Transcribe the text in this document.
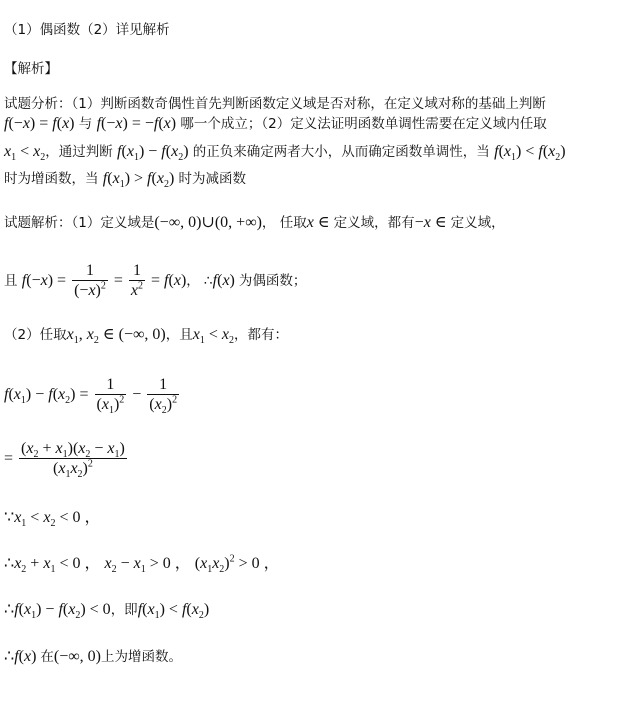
（1）偶函数（2）详见解析
【解析】
试题分析：（1）判断函数奇偶性首先判断函数定义域是否对称，在定义域对称的基础上判断
f(−x) = f(x) 与 f(−x) = −f(x) 哪一个成立；（2）定义法证明函数单调性需要在定义域内任取
$x_1 < x_2$，通过判断 $f(x_1) - f(x_2)$ 的正负来确定两者大小，从而确定函数单调性，当 $f(x_1) < f(x_2)$
时为增函数，当 $f(x_1) > f(x_2)$ 时为减函数
试题解析：（1）定义域是(−∞, 0)∪(0, +∞)， 任取x ∈ 定义域，都有−x ∈ 定义域，
且 $f(-x) = \frac{1}{(-x)^2} = \frac{1}{x^2} = f(x)$， ∴f(x) 为偶函数；
（2）任取$x_1$, $x_2$ ∈ (−∞, 0)，且$x_1 < x_2$，都有：
$f(x_1) - f(x_2) = \frac{1}{(x_1)^2} - \frac{1}{(x_2)^2}$
= $\frac{(x_2 + x_1)(x_2 - x_1)}{(x_1x_2)^2}$
$\because x_1 < x_2 < 0$ ，
$\therefore x_2 + x_1 < 0$ ， $x_2 - x_1 > 0$ ， $(x_1x_2)^2 > 0$ ，
$\therefore f(x_1) - f(x_2) < 0$，即$f(x_1) < f(x_2)$
∴f(x) 在(−∞, 0)上为增函数。
